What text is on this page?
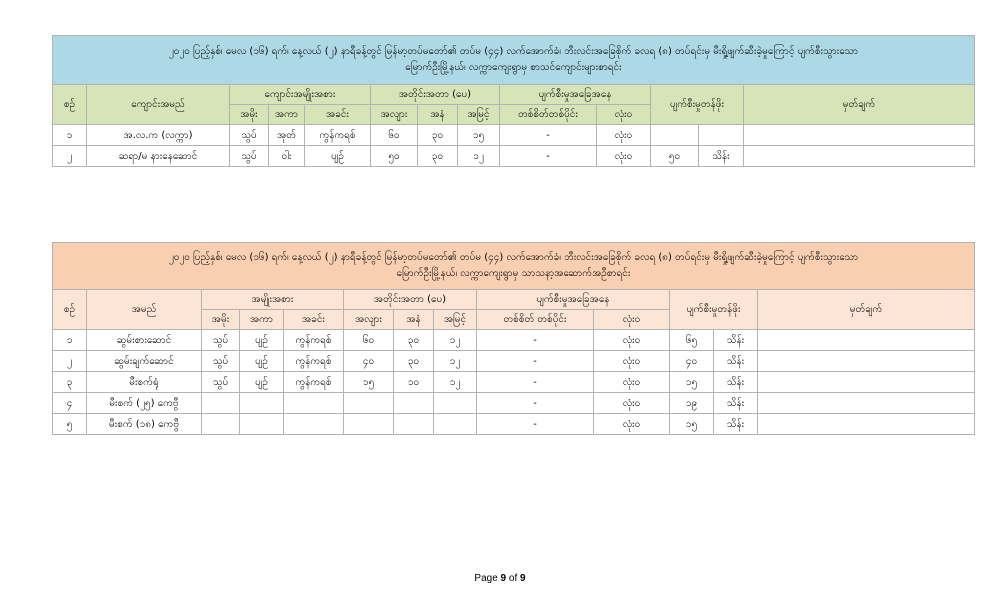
၂၀၂၀ ပြည့်နှစ်၊ မေလ (၁၆) ရက်၊ နေ့လယ် (၂) နာရီခန့်တွင် မြန်မာ့တပ်မတော်၏ တပ်မ (၄၄) လက်အောက်ခံ၊ ဘီးလင်းအခြေစိုက် ခလရ (၈) တပ်ရင်းမှ မီးရှို့ဖျက်ဆီးခဲ့မှုကြောင့် ပျက်စီးသွားသော
မြောက်ဦးမြို့နယ်၊ လက္ကာကျေးရွာမှ စာသင်ကျောင်းများစာရင်း												

စဉ်	ကျောင်းအမည်	ကျောင်းအမျိုးအစား			အတိုင်းအတာ (ပေ)			ပျက်စီးမှုအခြေအနေ		ပျက်စီးမှုတန်ဖိုး		မှတ်ချက်
		အမိုး	အကာ	အခင်း	အလျား	အနံ	အမြင့်	တစ်စိတ်တစ်ပိုင်း	လုံးဝ			
၁	အ.လ.က (လက္ကာ)	သွပ်	အုတ်	ကွန်ကရစ်	၆၀	၃၀	၁၅	-	လုံးဝ			
၂	ဆရာ/မ နားနေဆောင်	သွပ်	ဝါး	ပျဉ်	၅၀	၃၀	၁၂	-	လုံးဝ	၅၀	သိန်း	
၂၀၂၀ ပြည့်နှစ်၊ မေလ (၁၆) ရက်၊ နေ့လယ် (၂) နာရီခန့်တွင် မြန်မာ့တပ်မတော်၏ တပ်မ (၄၄) လက်အောက်ခံ၊ ဘီးလင်းအခြေစိုက် ခလရ (၈) တပ်ရင်းမှ မီးရှို့ဖျက်ဆီးခဲ့မှုကြောင့် ပျက်စီးသွားသော
မြောက်ဦးမြို့နယ်၊ လက္ကာကျေးရွာမှ သာသနာ့အဆောက်အဦစာရင်း												

စဉ်	အမည်	အမျိုးအစား			အတိုင်းအတာ (ပေ)			ပျက်စီးမှုအခြေအနေ		ပျက်စီးမှုတန်ဖိုး		မှတ်ချက်
		အမိုး	အကာ	အခင်း	အလျား	အနံ	အမြင့်	တစ်စိတ် တစ်ပိုင်း	လုံးဝ			
၁	ဆွမ်းစားဆောင်	သွပ်	ပျဉ်	ကွန်ကရစ်	၆၀	၃၀	၁၂	-	လုံးဝ	၆၅	သိန်း	
၂	ဆွမ်းချက်ဆောင်	သွပ်	ပျဉ်	ကွန်ကရစ်	၄၀	၃၀	၁၂	-	လုံးဝ	၄၀	သိန်း	
၃	မီးစက်ရုံ	သွပ်	ပျဉ်	ကွန်ကရစ်	၁၅	၁၀	၁၂	-	လုံးဝ	၁၅	သိန်း	
၄	မီးစက် (၂၅) ကေဗွီ							-	လုံးဝ	၁၉	သိန်း	
၅	မီးစက် (၁၈) ကေဗွီ							-	လုံးဝ	၁၅	သိန်း	
Page 9 of 9
